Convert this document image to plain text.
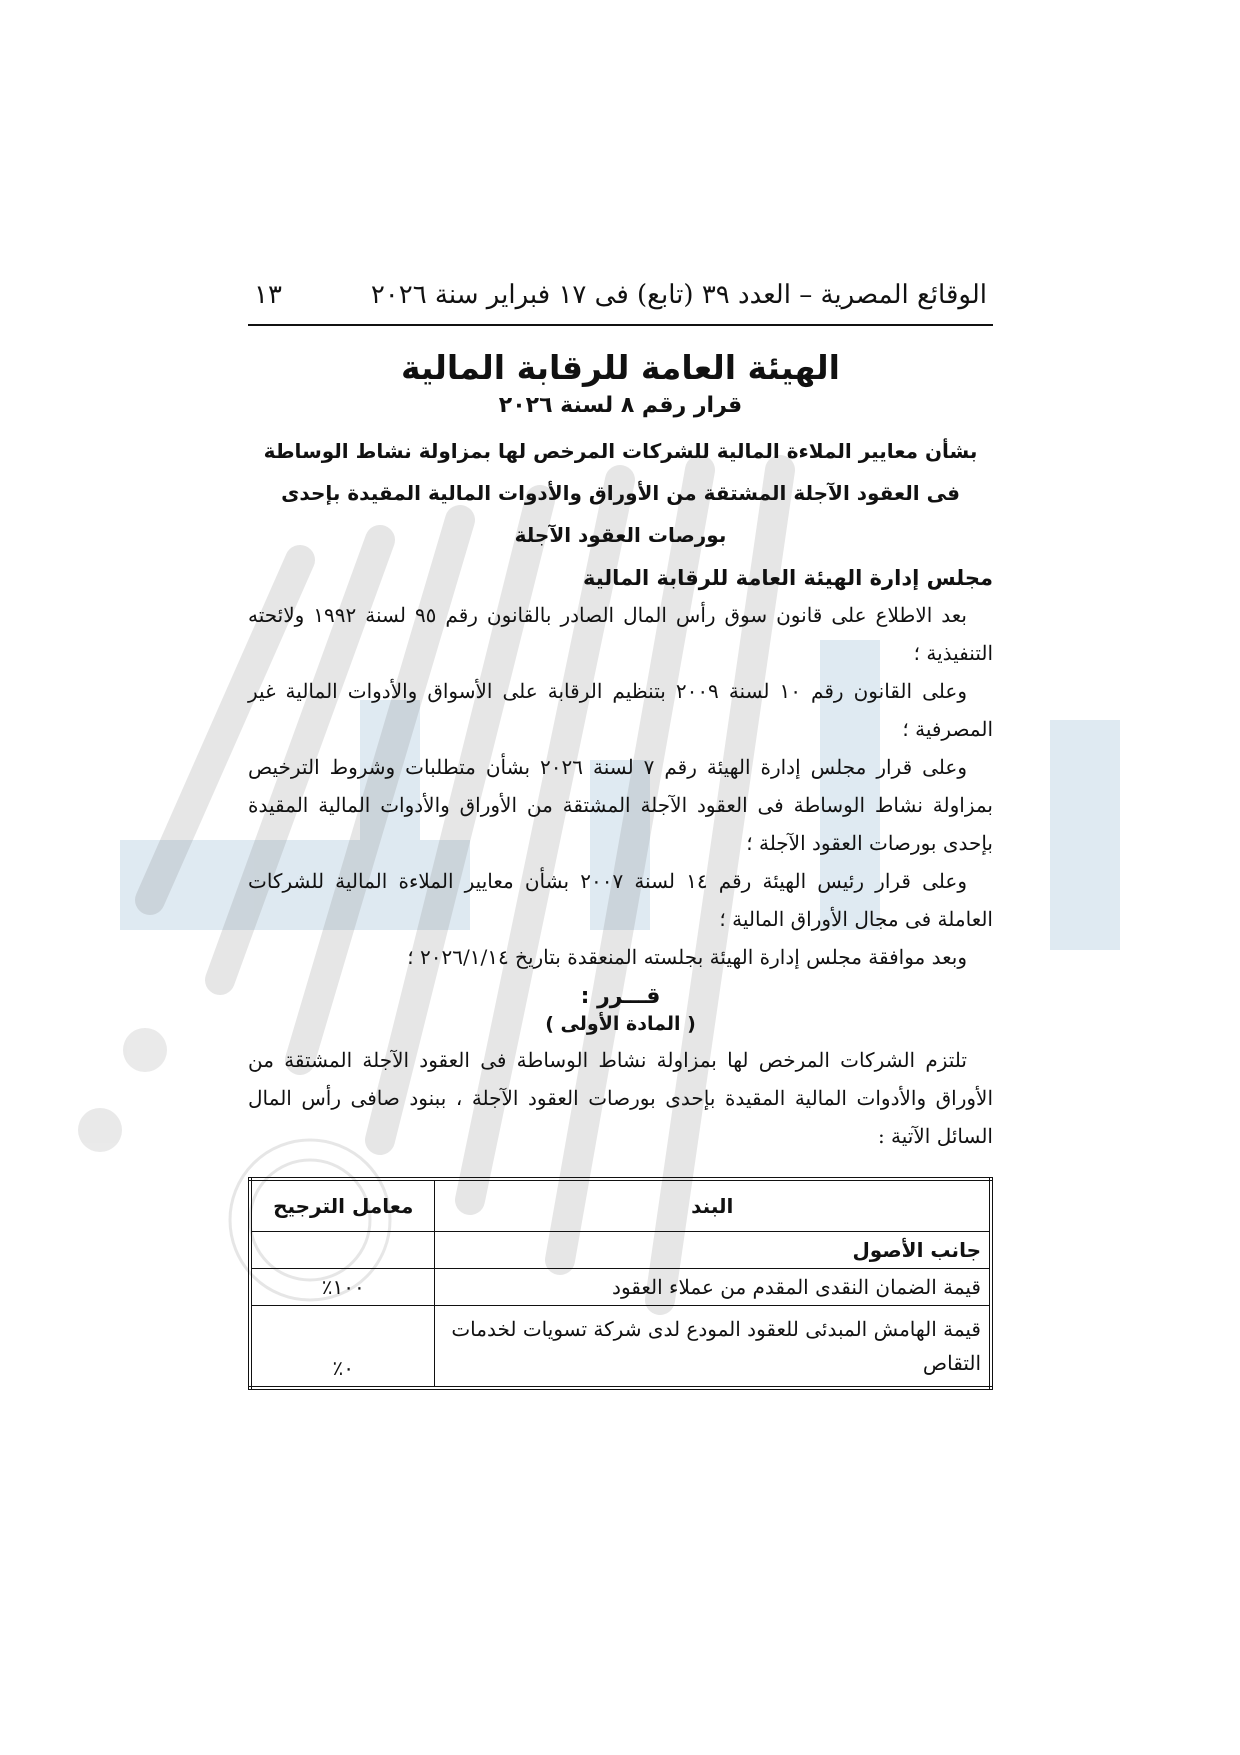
الوقائع المصرية – العدد ٣٩ (تابع) فى ١٧ فبراير سنة ٢٠٢٦
١٣
الهيئة العامة للرقابة المالية
قرار رقم ٨ لسنة ٢٠٢٦

بشأن معايير الملاءة المالية للشركات المرخص لها بمزاولة نشاط الوساطة

فى العقود الآجلة المشتقة من الأوراق والأدوات المالية المقيدة بإحدى

بورصات العقود الآجلة

مجلس إدارة الهيئة العامة للرقابة المالية

بعد الاطلاع على قانون سوق رأس المال الصادر بالقانون رقم ٩٥ لسنة ١٩٩٢ ولائحته التنفيذية ؛

وعلى القانون رقم ١٠ لسنة ٢٠٠٩ بتنظيم الرقابة على الأسواق والأدوات المالية غير المصرفية ؛

وعلى قرار مجلس إدارة الهيئة رقم ٧ لسنة ٢٠٢٦ بشأن متطلبات وشروط الترخيص بمزاولة نشاط الوساطة فى العقود الآجلة المشتقة من الأوراق والأدوات المالية المقيدة بإحدى بورصات العقود الآجلة ؛

وعلى قرار رئيس الهيئة رقم ١٤ لسنة ٢٠٠٧ بشأن معايير الملاءة المالية للشركات العاملة فى مجال الأوراق المالية ؛

وبعد موافقة مجلس إدارة الهيئة بجلسته المنعقدة بتاريخ ٢٠٢٦/١/١٤ ؛

قـــرر :
( المادة الأولى )

تلتزم الشركات المرخص لها بمزاولة نشاط الوساطة فى العقود الآجلة المشتقة من الأوراق والأدوات المالية المقيدة بإحدى بورصات العقود الآجلة ، ببنود صافى رأس المال السائل الآتية :

البند	معامل الترجيح
جانب الأصول	
قيمة الضمان النقدى المقدم من عملاء العقود	١٠٠٪
قيمة الهامش المبدئى للعقود المودع لدى شركة تسويات لخدمات التقاص	٠٪
